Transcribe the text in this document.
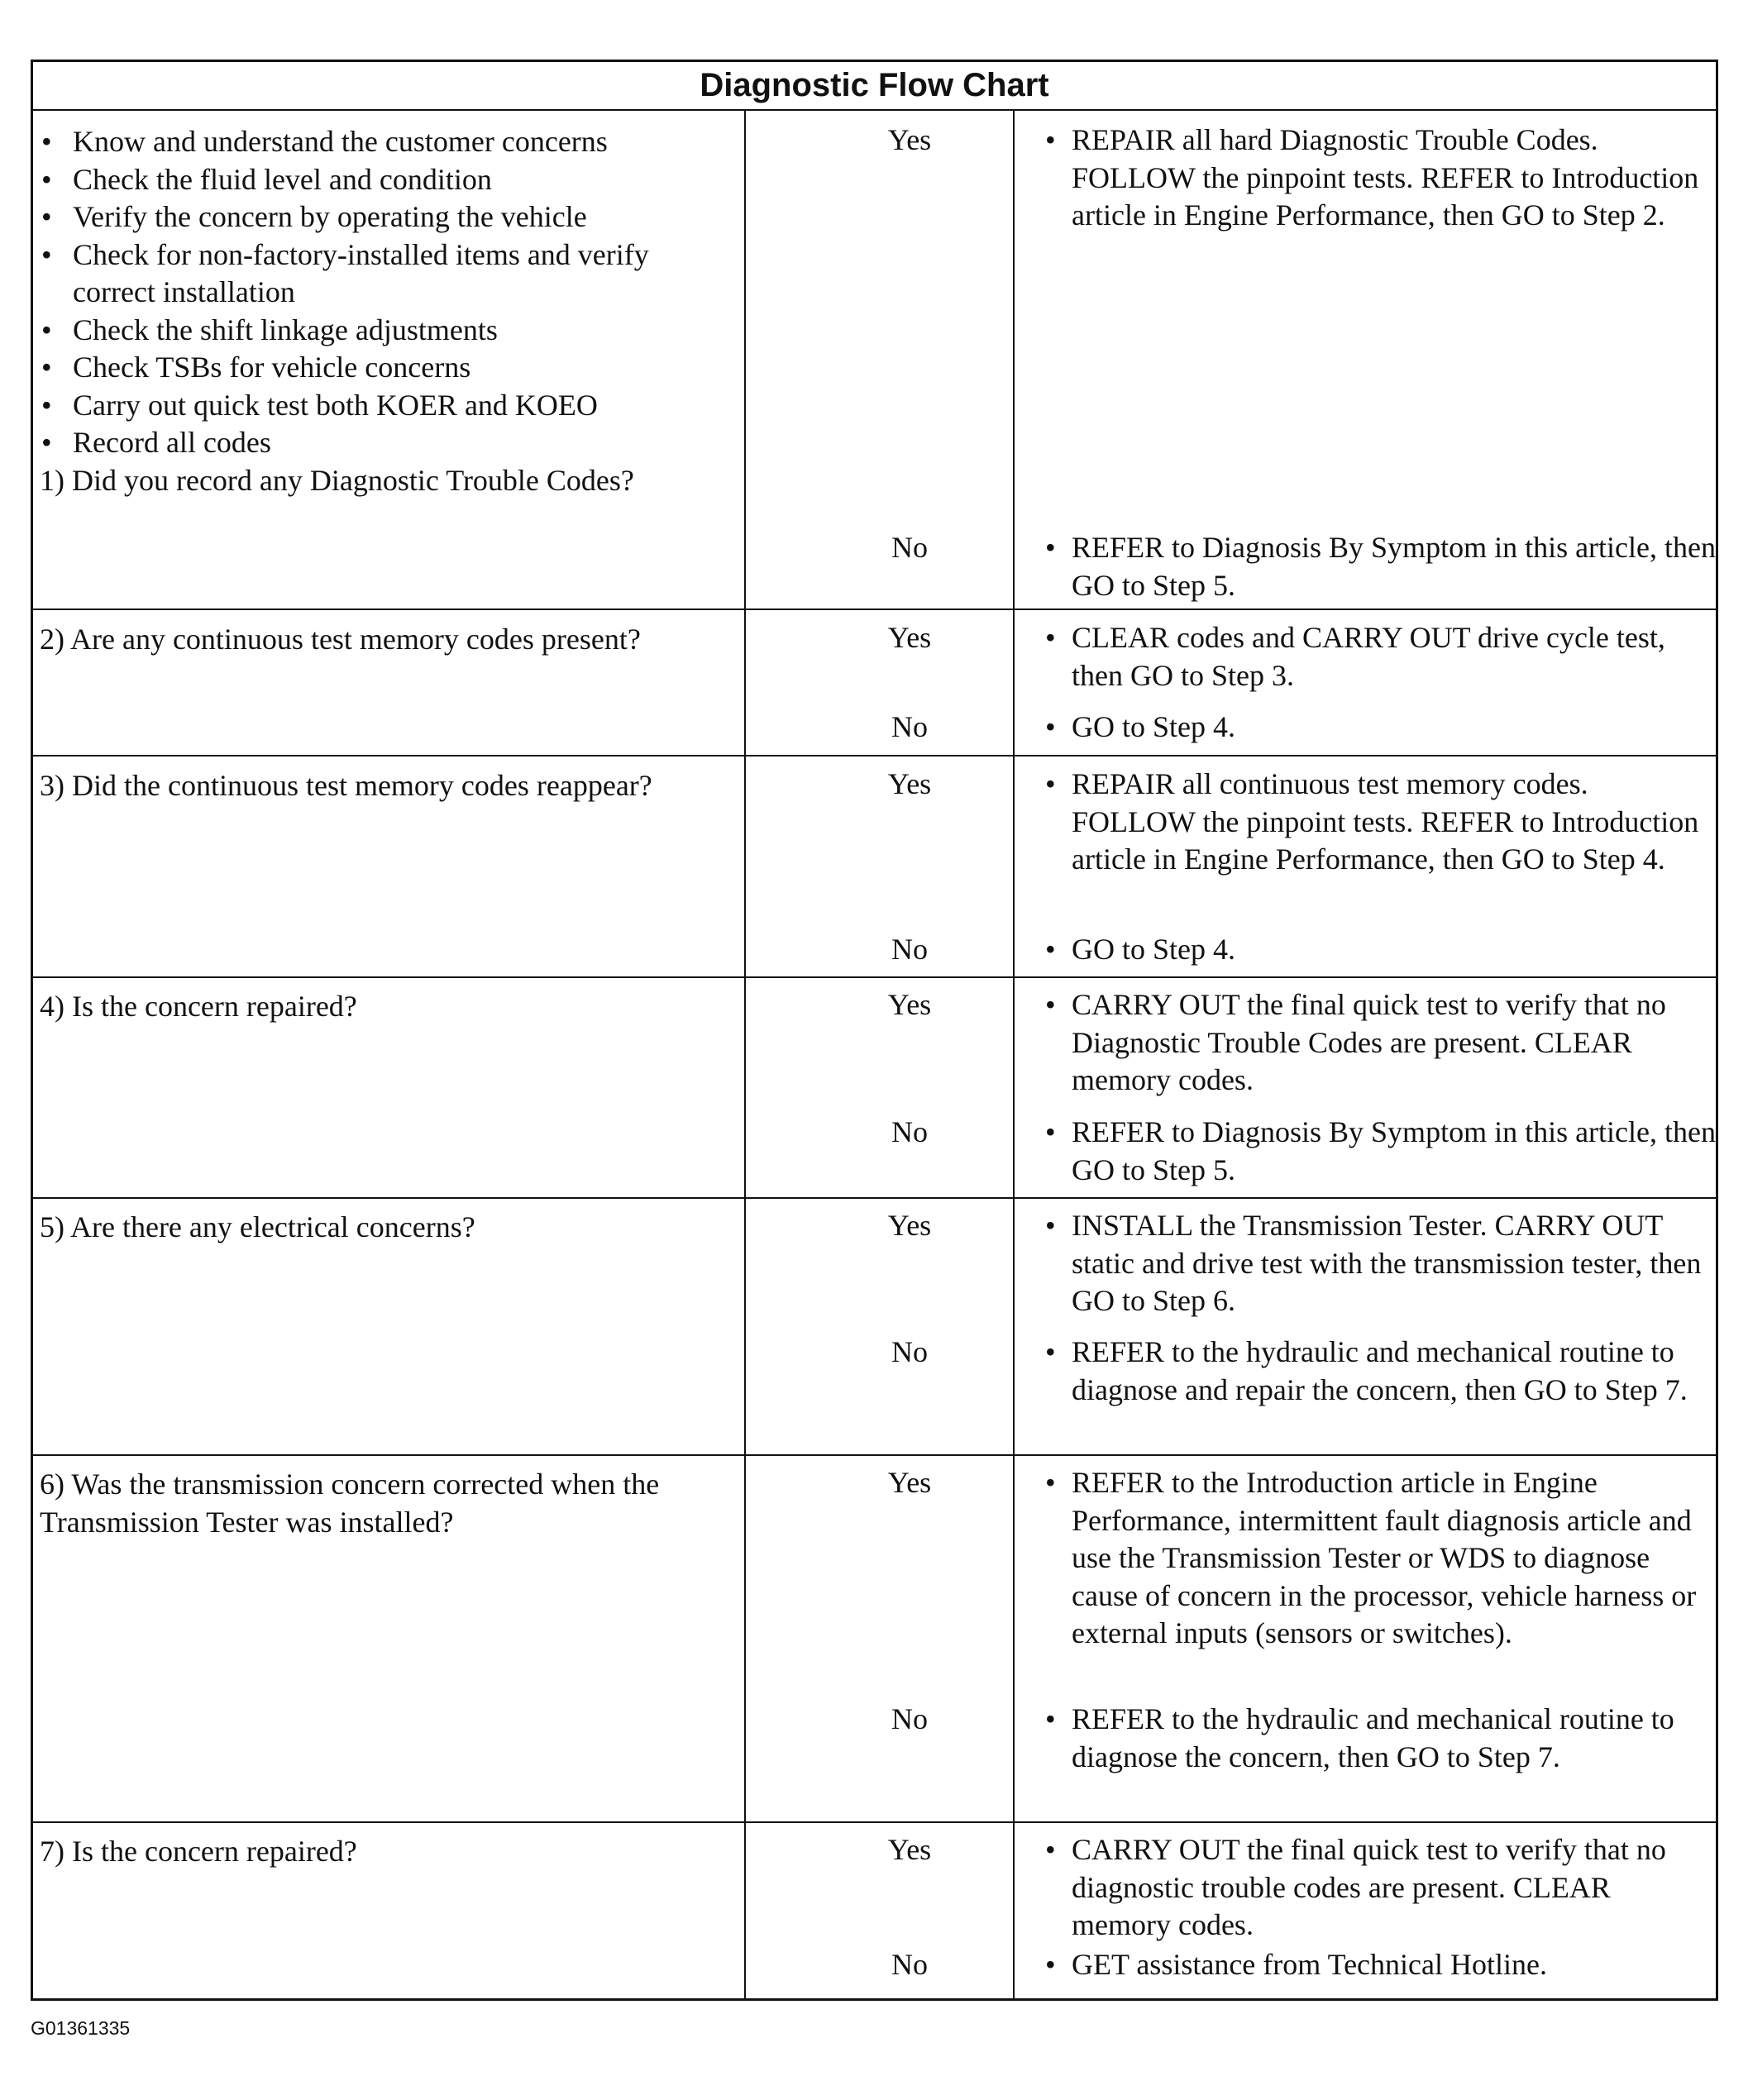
Diagnostic Flow Chart
• Know and understand the customer concerns
• Check the fluid level and condition
• Verify the concern by operating the vehicle
• Check for non-factory-installed items and verify correct installation
• Check the shift linkage adjustments
• Check TSBs for vehicle concerns
• Carry out quick test both KOER and KOEO
• Record all codes
1) Did you record any Diagnostic Trouble Codes?
Yes	• REPAIR all hard Diagnostic Trouble Codes. FOLLOW the pinpoint tests. REFER to Introduction article in Engine Performance, then GO to Step 2.
No	• REFER to Diagnosis By Symptom in this article, then GO to Step 5.
2) Are any continuous test memory codes present?	Yes	• CLEAR codes and CARRY OUT drive cycle test, then GO to Step 3.
No	• GO to Step 4.
3) Did the continuous test memory codes reappear?	Yes	• REPAIR all continuous test memory codes. FOLLOW the pinpoint tests. REFER to Introduction article in Engine Performance, then GO to Step 4.
No	• GO to Step 4.
4) Is the concern repaired?	Yes	• CARRY OUT the final quick test to verify that no Diagnostic Trouble Codes are present. CLEAR memory codes.
No	• REFER to Diagnosis By Symptom in this article, then GO to Step 5.
5) Are there any electrical concerns?	Yes	• INSTALL the Transmission Tester. CARRY OUT static and drive test with the transmission tester, then GO to Step 6.
No	• REFER to the hydraulic and mechanical routine to diagnose and repair the concern, then GO to Step 7.
6) Was the transmission concern corrected when the Transmission Tester was installed?
Yes	• REFER to the Introduction article in Engine Performance, intermittent fault diagnosis article and use the Transmission Tester or WDS to diagnose cause of concern in the processor, vehicle harness or external inputs (sensors or switches).
No	• REFER to the hydraulic and mechanical routine to diagnose the concern, then GO to Step 7.
7) Is the concern repaired?	Yes	• CARRY OUT the final quick test to verify that no diagnostic trouble codes are present. CLEAR memory codes.
No	• GET assistance from Technical Hotline.
G01361335
